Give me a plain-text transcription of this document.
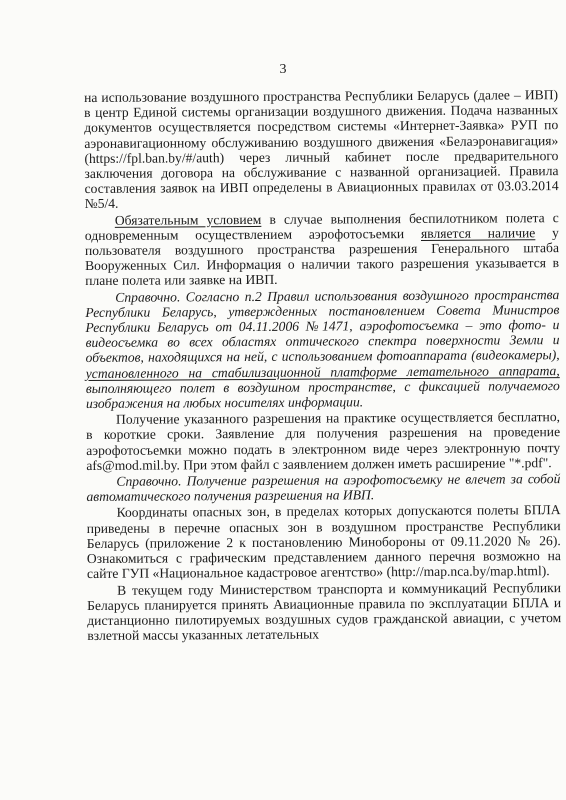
3

на использование воздушного пространства Республики Беларусь (далее – ИВП) в центр Единой системы организации воздушного движения. Подача названных документов осуществляется посредством системы «Интернет-Заявка» РУП по аэронавигационному обслуживанию воздушного движения «Белаэронавигация» (https://fpl.ban.by/#/auth) через личный кабинет после предварительного заключения договора на обслуживание с названной организацией. Правила составления заявок на ИВП определены в Авиационных правилах от 03.03.2014 №5/4.

Обязательным условием в случае выполнения беспилотником полета с одновременным осуществлением аэрофотосъемки является наличие у пользователя воздушного пространства разрешения Генерального штаба Вооруженных Сил. Информация о наличии такого разрешения указывается в плане полета или заявке на ИВП.

Справочно. Согласно п.2 Правил использования воздушного пространства Республики Беларусь, утвержденных постановлением Совета Министров Республики Беларусь от 04.11.2006 №1471, аэрофотосъемка – это фото- и видеосъемка во всех областях оптического спектра поверхности Земли и объектов, находящихся на ней, с использованием фотоаппарата (видеокамеры), установленного на стабилизационной платформе летательного аппарата, выполняющего полет в воздушном пространстве, с фиксацией получаемого изображения на любых носителях информации.

Получение указанного разрешения на практике осуществляется бесплатно, в короткие сроки. Заявление для получения разрешения на проведение аэрофотосъемки можно подать в электронном виде через электронную почту afs@mod.mil.by. При этом файл с заявлением должен иметь расширение "*.pdf".

Справочно. Получение разрешения на аэрофотосъемку не влечет за собой автоматического получения разрешения на ИВП.

Координаты опасных зон, в пределах которых допускаются полеты БПЛА приведены в перечне опасных зон в воздушном пространстве Республики Беларусь (приложение 2 к постановлению Минобороны от 09.11.2020 № 26). Ознакомиться с графическим представлением данного перечня возможно на сайте ГУП «Национальное кадастровое агентство» (http://map.nca.by/map.html).

В текущем году Министерством транспорта и коммуникаций Республики Беларусь планируется принять Авиационные правила по эксплуатации БПЛА и дистанционно пилотируемых воздушных судов гражданской авиации, с учетом взлетной массы указанных летательных
